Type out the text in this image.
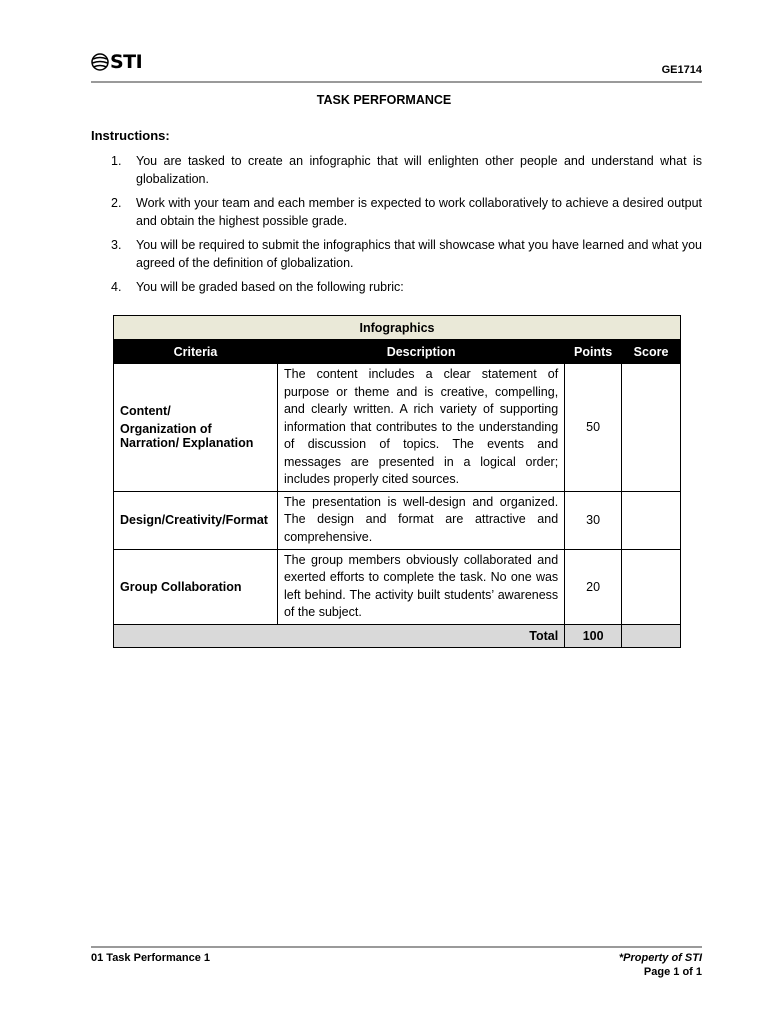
STI	GE1714
TASK PERFORMANCE
Instructions:
1. You are tasked to create an infographic that will enlighten other people and understand what is globalization.
2. Work with your team and each member is expected to work collaboratively to achieve a desired output and obtain the highest possible grade.
3. You will be required to submit the infographics that will showcase what you have learned and what you agreed of the definition of globalization.
4. You will be graded based on the following rubric:
Infographics			
Criteria	Description	Points	Score

Content/
Organization of Narration/ Explanation	The content includes a clear statement of purpose or theme and is creative, compelling, and clearly written. A rich variety of supporting information that contributes to the understanding of discussion of topics. The events and messages are presented in a logical order; includes properly cited sources.	50	
Design/Creativity/Format	The presentation is well-design and organized. The design and format are attractive and comprehensive.	30	
Group Collaboration	The group members obviously collaborated and exerted efforts to complete the task. No one was left behind. The activity built students’ awareness of the subject.	20	
Total		100	
01 Task Performance 1	*Property of STI
Page 1 of 1
